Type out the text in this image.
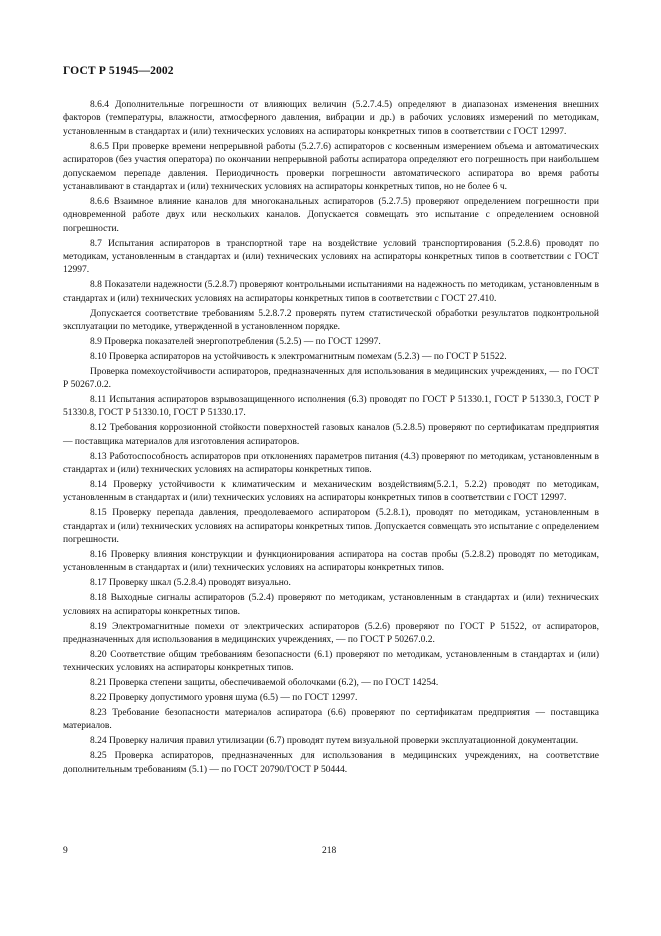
ГОСТ Р 51945—2002

8.6.4 Дополнительные погрешности от влияющих величин (5.2.7.4.5) определяют в диапазонах изменения внешних факторов (температуры, влажности, атмосферного давления, вибрации и др.) в рабочих условиях измерений по методикам, установленным в стандартах и (или) технических условиях на аспираторы конкретных типов в соответствии с ГОСТ 12997.

8.6.5 При проверке времени непрерывной работы (5.2.7.6) аспираторов с косвенным измерением объема и автоматических аспираторов (без участия оператора) по окончании непрерывной работы аспиратора определяют его погрешность при наибольшем допускаемом перепаде давления. Периодичность проверки погрешности автоматического аспиратора во время работы устанавливают в стандартах и (или) технических условиях на аспираторы конкретных типов, но не более 6 ч.

8.6.6 Взаимное влияние каналов для многоканальных аспираторов (5.2.7.5) проверяют определением погрешности при одновременной работе двух или нескольких каналов. Допускается совмещать это испытание с определением основной погрешности.

8.7 Испытания аспираторов в транспортной таре на воздействие условий транспортирования (5.2.8.6) проводят по методикам, установленным в стандартах и (или) технических условиях на аспираторы конкретных типов в соответствии с ГОСТ 12997.

8.8 Показатели надежности (5.2.8.7) проверяют контрольными испытаниями на надежность по методикам, установленным в стандартах и (или) технических условиях на аспираторы конкретных типов в соответствии с ГОСТ 27.410.

Допускается соответствие требованиям 5.2.8.7.2 проверять путем статистической обработки результатов подконтрольной эксплуатации по методике, утвержденной в установленном порядке.

8.9 Проверка показателей энергопотребления (5.2.5) — по ГОСТ 12997.

8.10 Проверка аспираторов на устойчивость к электромагнитным помехам (5.2.3) — по ГОСТ Р 51522.

Проверка помехоустойчивости аспираторов, предназначенных для использования в медицинских учреждениях, — по ГОСТ Р 50267.0.2.

8.11 Испытания аспираторов взрывозащищенного исполнения (6.3) проводят по ГОСТ Р 51330.1, ГОСТ Р 51330.3, ГОСТ Р 51330.8, ГОСТ Р 51330.10, ГОСТ Р 51330.17.

8.12 Требования коррозионной стойкости поверхностей газовых каналов (5.2.8.5) проверяют по сертификатам предприятия — поставщика материалов для изготовления аспираторов.

8.13 Работоспособность аспираторов при отклонениях параметров питания (4.3) проверяют по методикам, установленным в стандартах и (или) технических условиях на аспираторы конкретных типов.

8.14 Проверку устойчивости к климатическим и механическим воздействиям(5.2.1, 5.2.2) проводят по методикам, установленным в стандартах и (или) технических условиях на аспираторы конкретных типов в соответствии с ГОСТ 12997.

8.15 Проверку перепада давления, преодолеваемого аспиратором (5.2.8.1), проводят по методикам, установленным в стандартах и (или) технических условиях на аспираторы конкретных типов. Допускается совмещать это испытание с определением погрешности.

8.16 Проверку влияния конструкции и функционирования аспиратора на состав пробы (5.2.8.2) проводят по методикам, установленным в стандартах и (или) технических условиях на аспираторы конкретных типов.

8.17 Проверку шкал (5.2.8.4) проводят визуально.

8.18 Выходные сигналы аспираторов (5.2.4) проверяют по методикам, установленным в стандартах и (или) технических условиях на аспираторы конкретных типов.

8.19 Электромагнитные помехи от электрических аспираторов (5.2.6) проверяют по ГОСТ Р 51522, от аспираторов, предназначенных для использования в медицинских учреждениях, — по ГОСТ Р 50267.0.2.

8.20 Соответствие общим требованиям безопасности (6.1) проверяют по методикам, установленным в стандартах и (или) технических условиях на аспираторы конкретных типов.

8.21 Проверка степени защиты, обеспечиваемой оболочками (6.2), — по ГОСТ 14254.

8.22 Проверку допустимого уровня шума (6.5) — по ГОСТ 12997.

8.23 Требование безопасности материалов аспиратора (6.6) проверяют по сертификатам предприятия — поставщика материалов.

8.24 Проверку наличия правил утилизации (6.7) проводят путем визуальной проверки эксплуатационной документации.

8.25 Проверка аспираторов, предназначенных для использования в медицинских учреждениях, на соответствие дополнительным требованиям (5.1) — по ГОСТ 20790/ГОСТ Р 50444.

9	218
